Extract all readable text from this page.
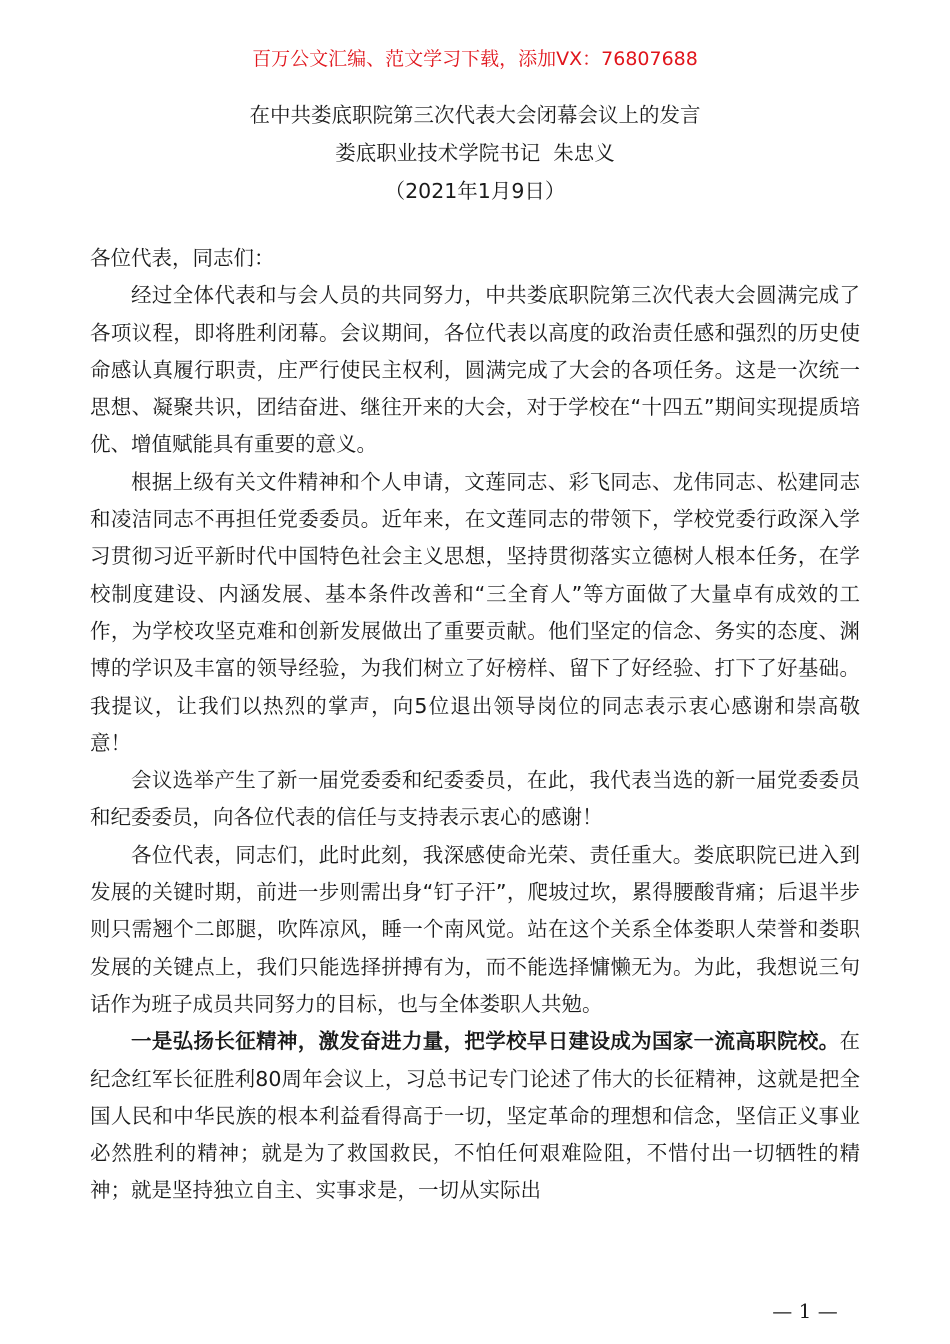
百万公文汇编、范文学习下载，添加VX：76807688
在中共娄底职院第三次代表大会闭幕会议上的发言
娄底职业技术学院书记  朱忠义
（2021年1月9日）

各位代表，同志们：

经过全体代表和与会人员的共同努力，中共娄底职院第三次代表大会圆满完成了各项议程，即将胜利闭幕。会议期间，各位代表以高度的政治责任感和强烈的历史使命感认真履行职责，庄严行使民主权利，圆满完成了大会的各项任务。这是一次统一思想、凝聚共识，团结奋进、继往开来的大会，对于学校在“十四五”期间实现提质培优、增值赋能具有重要的意义。

根据上级有关文件精神和个人申请，文莲同志、彩飞同志、龙伟同志、松建同志和凌洁同志不再担任党委委员。近年来，在文莲同志的带领下，学校党委行政深入学习贯彻习近平新时代中国特色社会主义思想，坚持贯彻落实立德树人根本任务，在学校制度建设、内涵发展、基本条件改善和“三全育人”等方面做了大量卓有成效的工作，为学校攻坚克难和创新发展做出了重要贡献。他们坚定的信念、务实的态度、渊博的学识及丰富的领导经验，为我们树立了好榜样、留下了好经验、打下了好基础。我提议，让我们以热烈的掌声，向5位退出领导岗位的同志表示衷心感谢和崇高敬意！

会议选举产生了新一届党委委和纪委委员，在此，我代表当选的新一届党委委员和纪委委员，向各位代表的信任与支持表示衷心的感谢！

各位代表，同志们，此时此刻，我深感使命光荣、责任重大。娄底职院已进入到发展的关键时期，前进一步则需出身“钉子汗”，爬坡过坎，累得腰酸背痛；后退半步则只需翘个二郎腿，吹阵凉风，睡一个南风觉。站在这个关系全体娄职人荣誉和娄职发展的关键点上，我们只能选择拼搏有为，而不能选择慵懒无为。为此，我想说三句话作为班子成员共同努力的目标，也与全体娄职人共勉。

一是弘扬长征精神，激发奋进力量，把学校早日建设成为国家一流高职院校。在纪念红军长征胜利80周年会议上，习总书记专门论述了伟大的长征精神，这就是把全国人民和中华民族的根本利益看得高于一切，坚定革命的理想和信念，坚信正义事业必然胜利的精神；就是为了救国救民，不怕任何艰难险阻，不惜付出一切牺牲的精神；就是坚持独立自主、实事求是，一切从实际出

— 1 —
